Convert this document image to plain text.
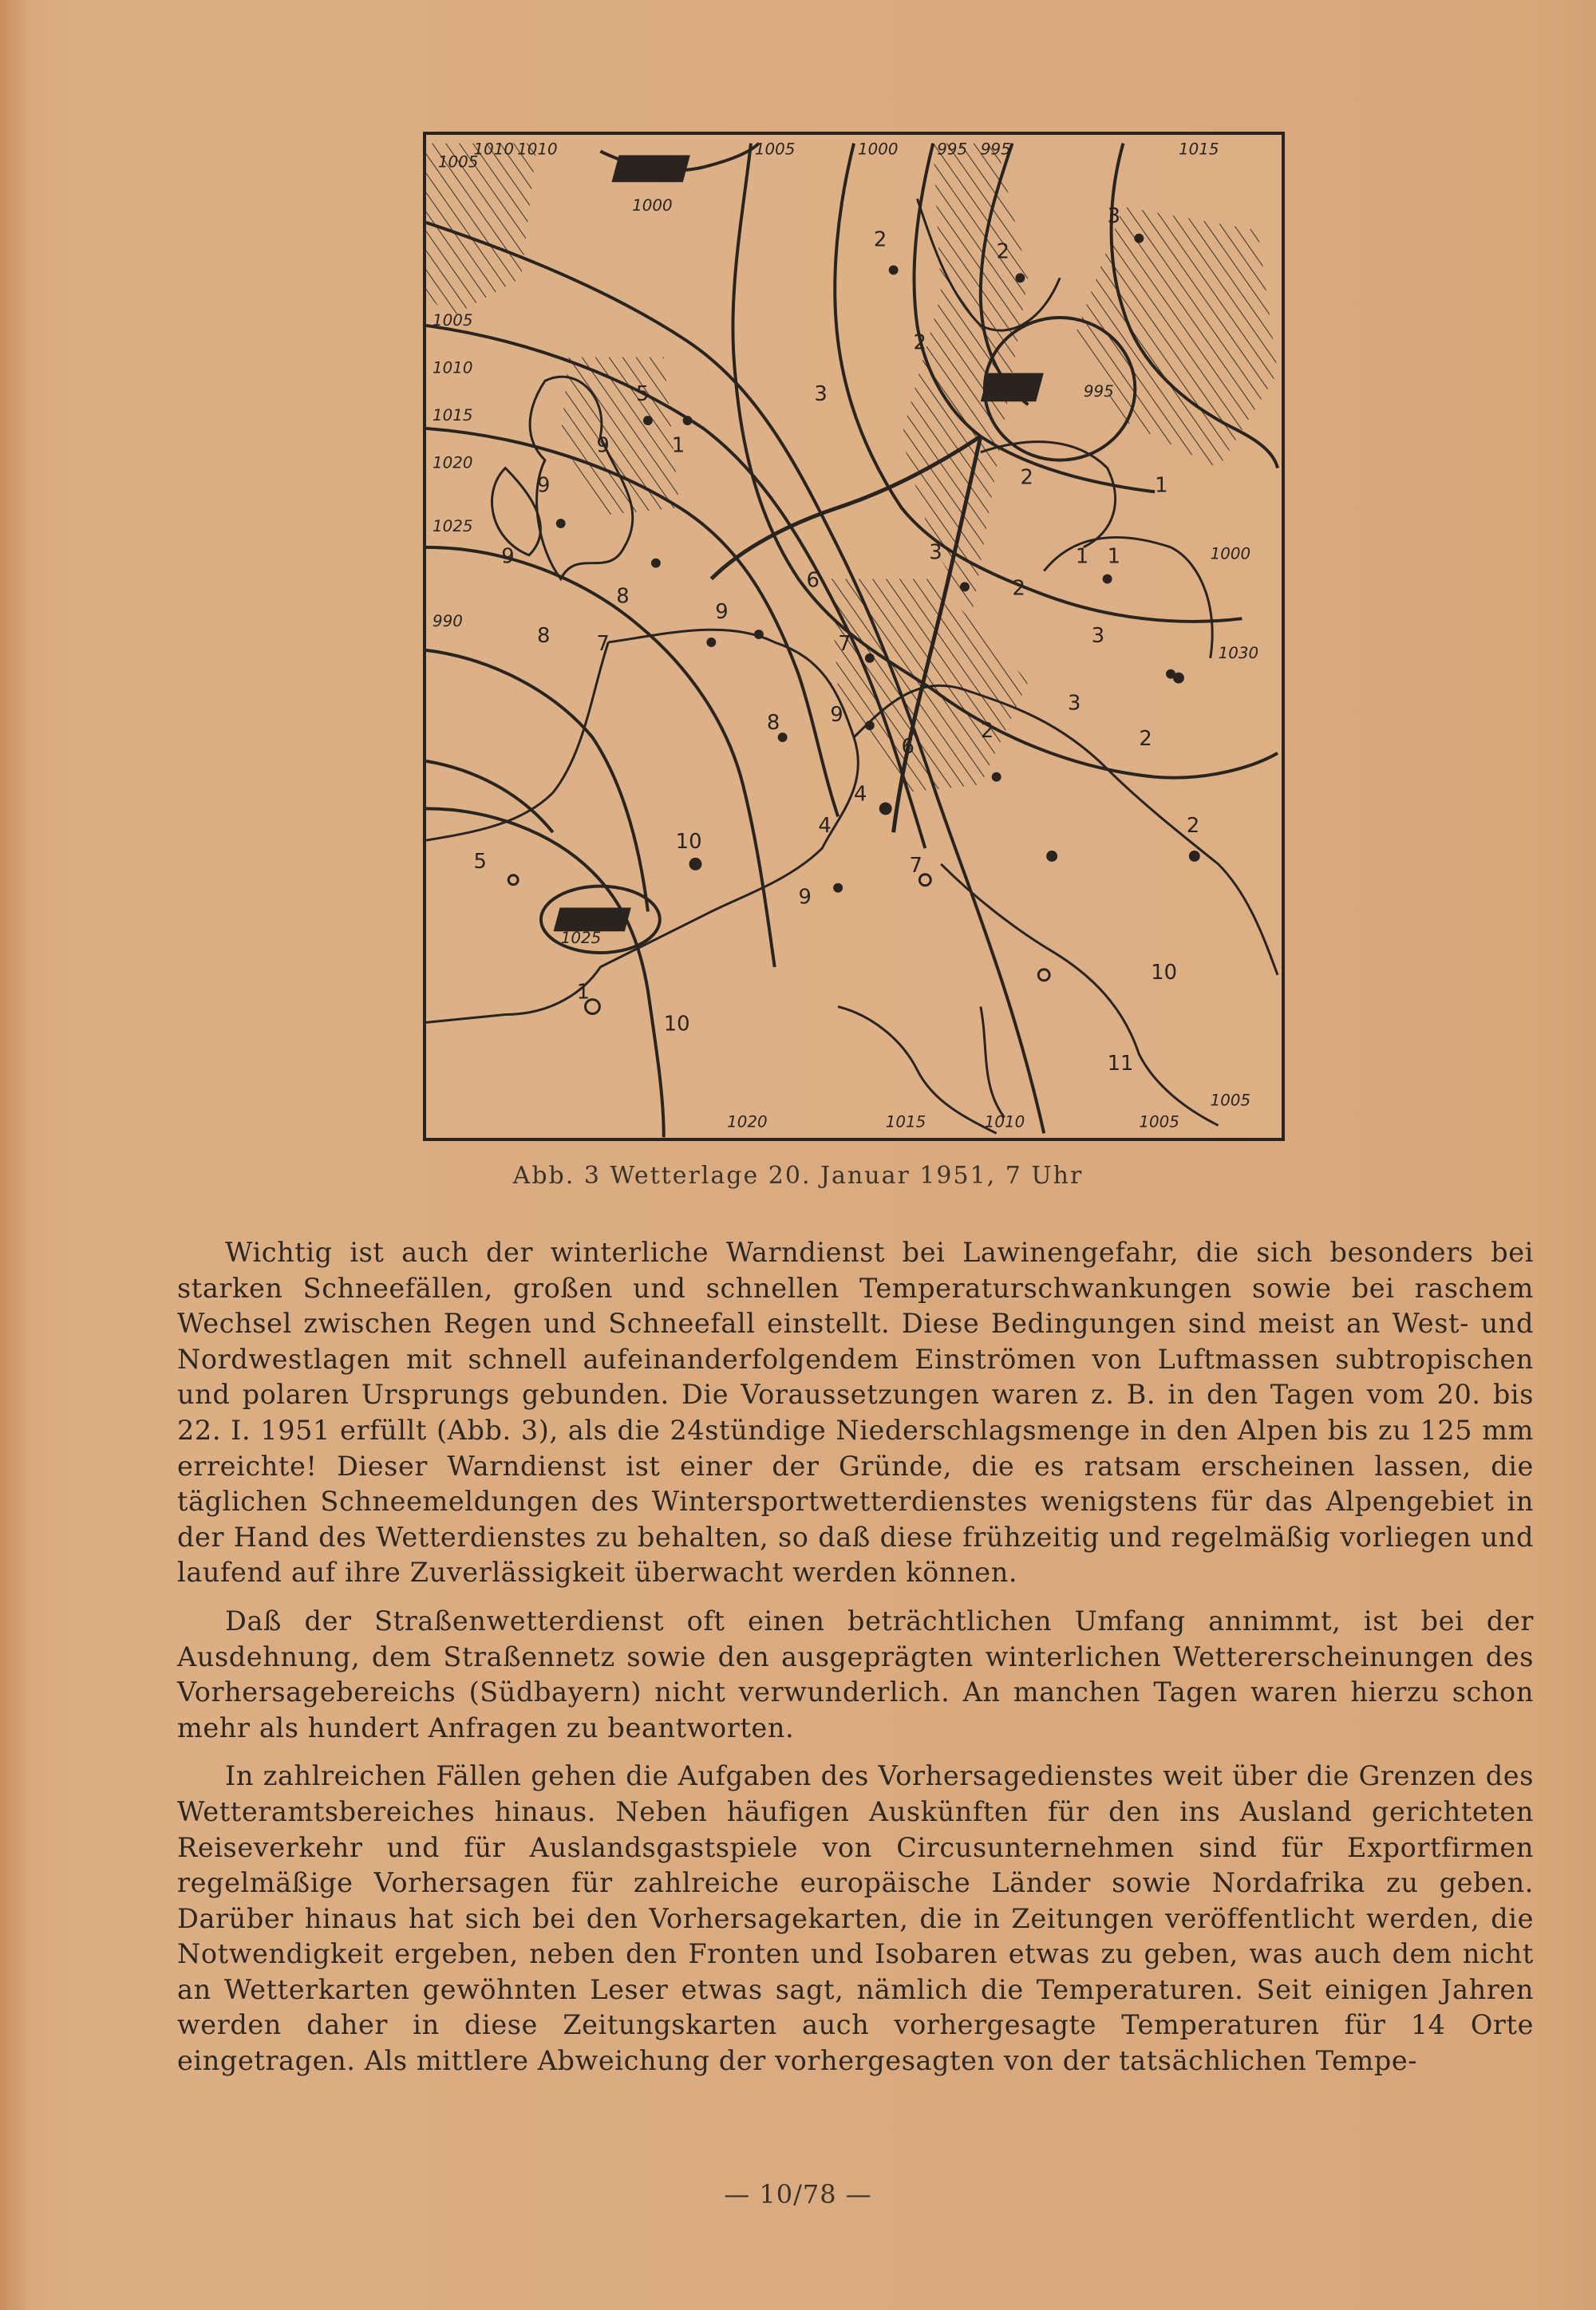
1005
1010 1010	1005	1000 995 995	1015
1000
1005
1010
1015
1020
1025
990
995
1000
1030
1025
1020	1015	1010	1005
1005
3
2	2
2
3
5
1
9
9
9
8
7
6
7
2
3	1 1
3
9
8 9
2
6
4
4
9
7
10
5
1
10
10
2
11
2
8
3
2	1
Abb. 3 Wetterlage 20. Januar 1951, 7 Uhr

Wichtig ist auch der winterliche Warndienst bei Lawinengefahr, die sich besonders bei starken Schneefällen, großen und schnellen Temperaturschwankungen sowie bei raschem Wechsel zwischen Regen und Schneefall einstellt. Diese Bedingungen sind meist an West- und Nordwestlagen mit schnell aufeinanderfolgendem Einströmen von Luftmassen subtropischen und polaren Ursprungs gebunden. Die Voraussetzungen waren z. B. in den Tagen vom 20. bis 22. I. 1951 erfüllt (Abb. 3), als die 24stündige Niederschlagsmenge in den Alpen bis zu 125 mm erreichte! Dieser Warndienst ist einer der Gründe, die es ratsam erscheinen lassen, die täglichen Schneemeldungen des Wintersportwetterdienstes wenigstens für das Alpengebiet in der Hand des Wetterdienstes zu behalten, so daß diese frühzeitig und regelmäßig vorliegen und laufend auf ihre Zuverlässigkeit überwacht werden können.

Daß der Straßenwetterdienst oft einen beträchtlichen Umfang annimmt, ist bei der Ausdehnung, dem Straßennetz sowie den ausgeprägten winterlichen Wettererscheinungen des Vorhersagebereichs (Südbayern) nicht verwunderlich. An manchen Tagen waren hierzu schon mehr als hundert Anfragen zu beantworten.

In zahlreichen Fällen gehen die Aufgaben des Vorhersagedienstes weit über die Grenzen des Wetteramtsbereiches hinaus. Neben häufigen Auskünften für den ins Ausland gerichteten Reiseverkehr und für Auslandsgastspiele von Circusunternehmen sind für Exportfirmen regelmäßige Vorhersagen für zahlreiche europäische Länder sowie Nordafrika zu geben. Darüber hinaus hat sich bei den Vorhersagekarten, die in Zeitungen veröffentlicht werden, die Notwendigkeit ergeben, neben den Fronten und Isobaren etwas zu geben, was auch dem nicht an Wetterkarten gewöhnten Leser etwas sagt, nämlich die Temperaturen. Seit einigen Jahren werden daher in diese Zeitungskarten auch vorhergesagte Temperaturen für 14 Orte eingetragen. Als mittlere Abweichung der vorhergesagten von der tatsächlichen Tempe-

— 10/78 —
